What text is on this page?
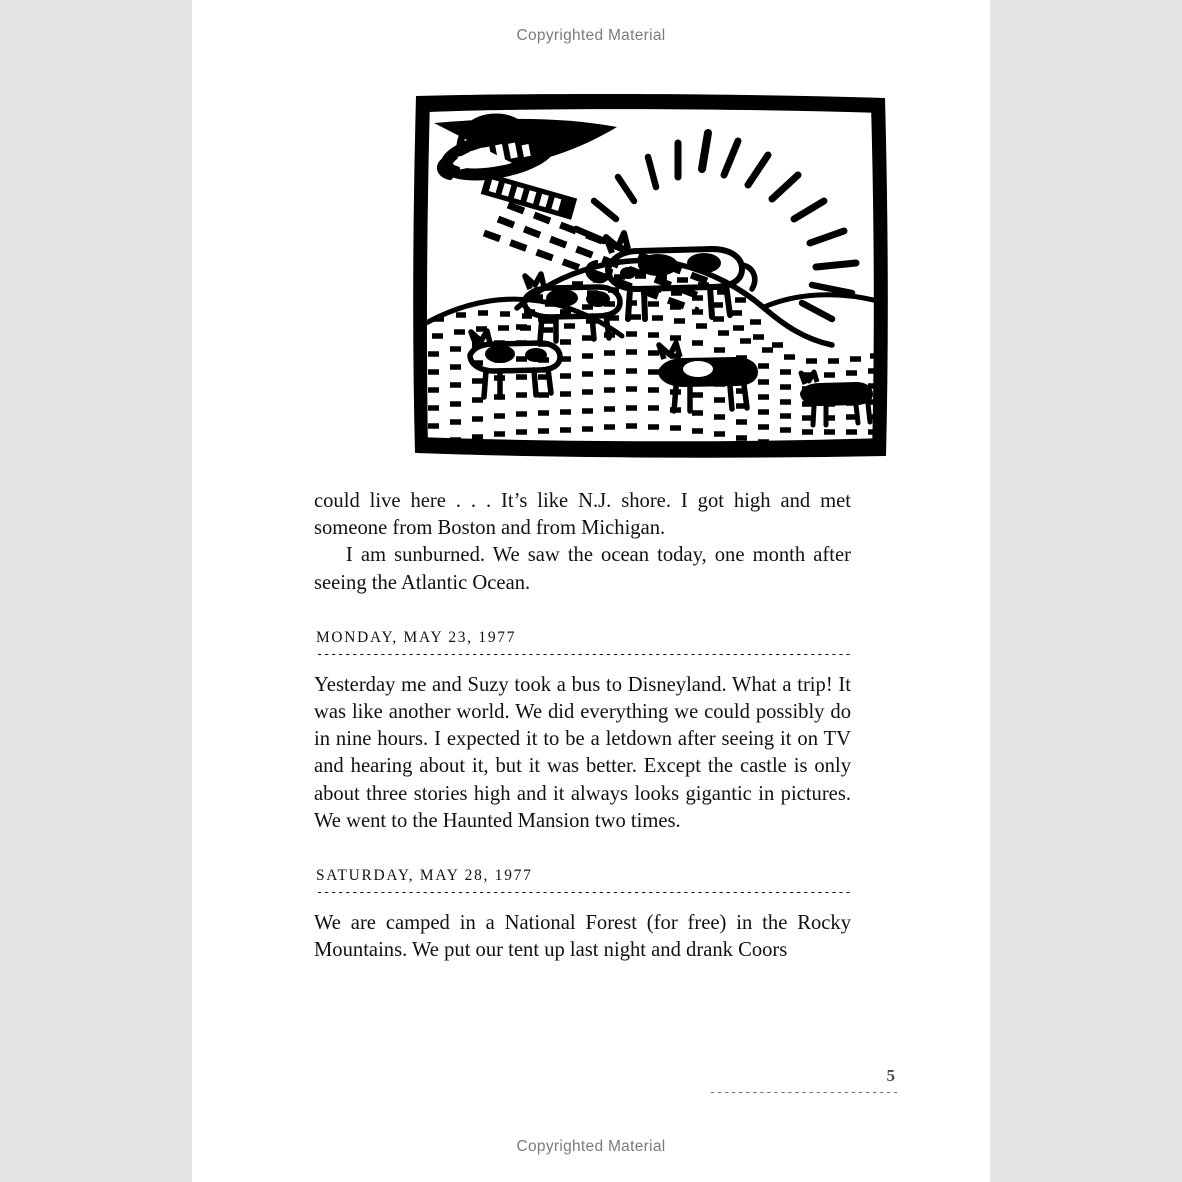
Copyrighted Material

could live here . . . It’s like N.J. shore. I got high and met someone from Boston and from Michigan.

I am sunburned. We saw the ocean today, one month after seeing the Atlantic Ocean.

MONDAY, MAY 23, 1977

Yesterday me and Suzy took a bus to Disneyland. What a trip! It was like another world. We did everything we could possibly do in nine hours. I expected it to be a letdown after seeing it on TV and hearing about it, but it was better. Except the castle is only about three stories high and it always looks gigantic in pictures. We went to the Haunted Mansion two times.

SATURDAY, MAY 28, 1977

We are camped in a National Forest (for free) in the Rocky Mountains. We put our tent up last night and drank Coors

5
Copyrighted Material
